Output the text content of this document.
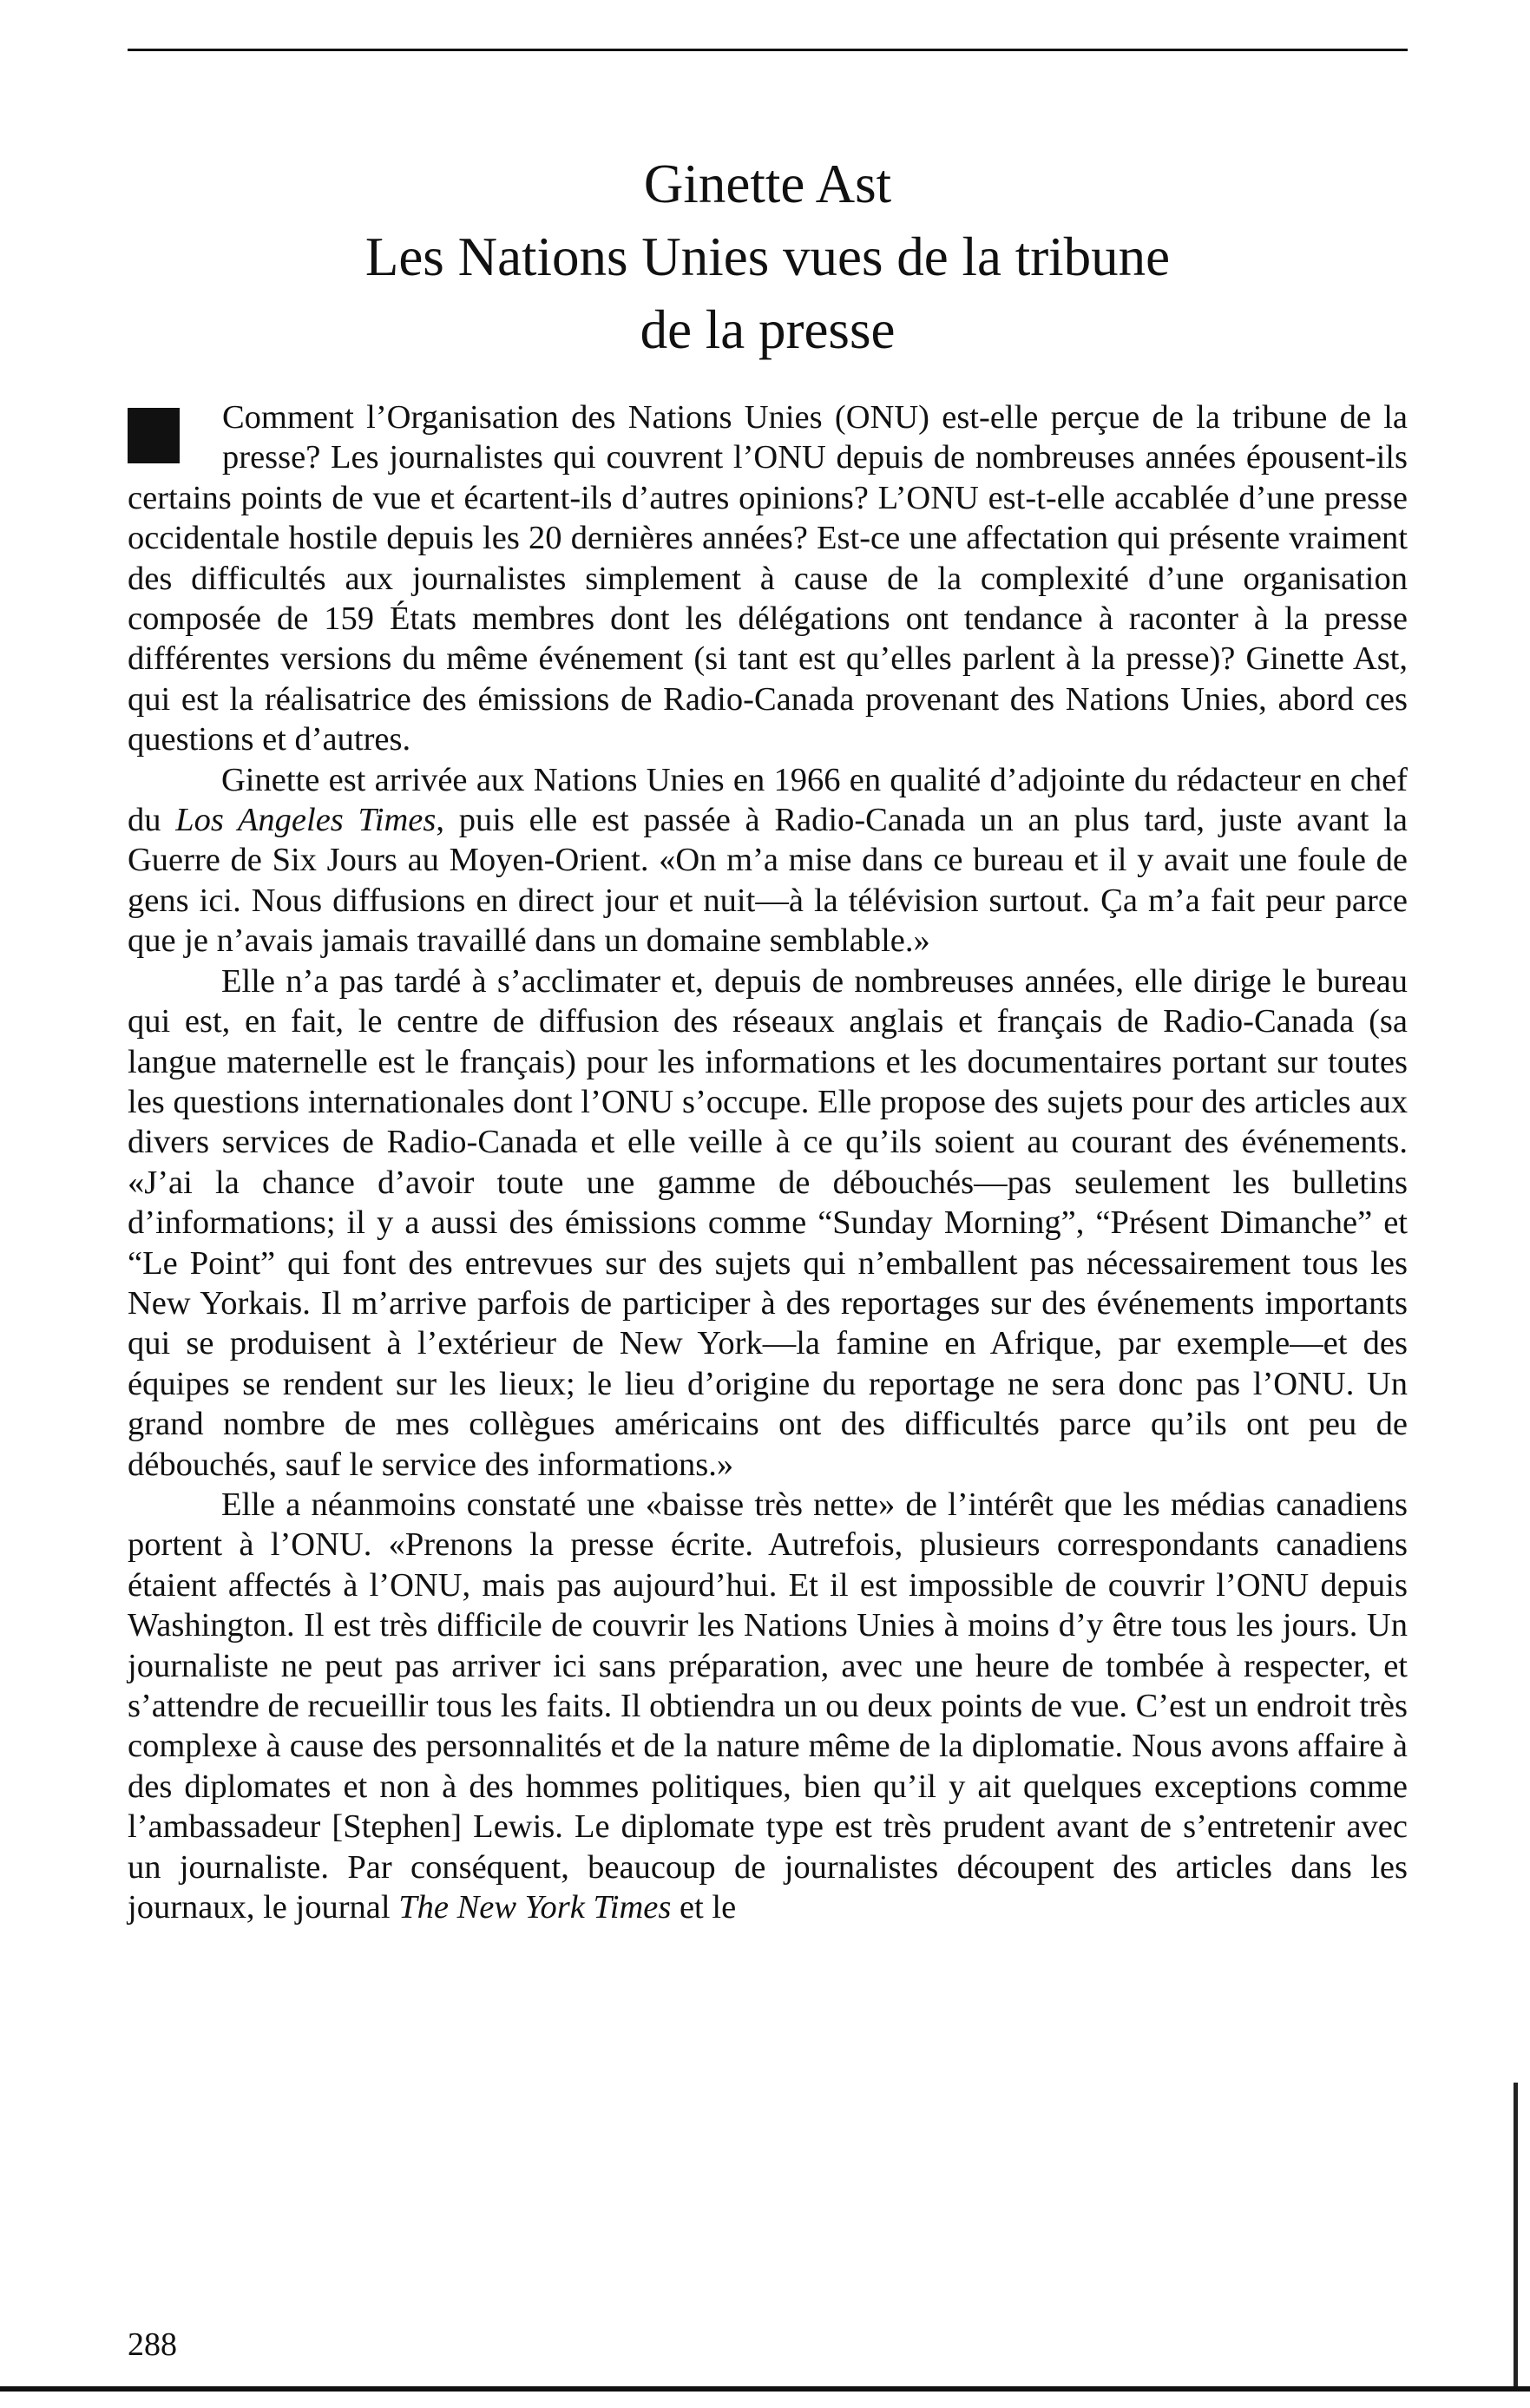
Ginette Ast
Les Nations Unies vues de la tribune
de la presse

Comment l’Organisation des Nations Unies (ONU) est-elle perçue de la tribune de la presse? Les journalistes qui couvrent l’ONU depuis de nombreuses années épousent-ils certains points de vue et écartent-ils d’autres opinions? L’ONU est-t-elle accablée d’une presse occidentale hostile depuis les 20 dernières années? Est-ce une affectation qui présente vraiment des difficultés aux journalistes simplement à cause de la complexité d’une organisation composée de 159 États membres dont les délégations ont tendance à raconter à la presse différentes versions du même événement (si tant est qu’elles parlent à la presse)? Ginette Ast, qui est la réalisatrice des émissions de Radio-Canada provenant des Nations Unies, abord ces questions et d’autres.

Ginette est arrivée aux Nations Unies en 1966 en qualité d’adjointe du rédacteur en chef du Los Angeles Times, puis elle est passée à Radio-Canada un an plus tard, juste avant la Guerre de Six Jours au Moyen-Orient. «On m’a mise dans ce bureau et il y avait une foule de gens ici. Nous diffusions en direct jour et nuit—à la télévision surtout. Ça m’a fait peur parce que je n’avais jamais travaillé dans un domaine semblable.»

Elle n’a pas tardé à s’acclimater et, depuis de nombreuses années, elle dirige le bureau qui est, en fait, le centre de diffusion des réseaux anglais et français de Radio-Canada (sa langue maternelle est le français) pour les informations et les documentaires portant sur toutes les questions internationales dont l’ONU s’occupe. Elle propose des sujets pour des articles aux divers services de Radio-Canada et elle veille à ce qu’ils soient au courant des événements. «J’ai la chance d’avoir toute une gamme de débouchés—pas seulement les bulletins d’informations; il y a aussi des émissions comme “Sunday Morning”, “Présent Dimanche” et “Le Point” qui font des entrevues sur des sujets qui n’emballent pas nécessairement tous les New Yorkais. Il m’arrive parfois de participer à des reportages sur des événements importants qui se produisent à l’extérieur de New York—la famine en Afrique, par exemple—et des équipes se rendent sur les lieux; le lieu d’origine du reportage ne sera donc pas l’ONU. Un grand nombre de mes collègues américains ont des difficultés parce qu’ils ont peu de débouchés, sauf le service des informations.»

Elle a néanmoins constaté une «baisse très nette» de l’intérêt que les médias canadiens portent à l’ONU. «Prenons la presse écrite. Autrefois, plusieurs correspondants canadiens étaient affectés à l’ONU, mais pas aujourd’hui. Et il est impossible de couvrir l’ONU depuis Washington. Il est très difficile de couvrir les Nations Unies à moins d’y être tous les jours. Un journaliste ne peut pas arriver ici sans préparation, avec une heure de tombée à respecter, et s’attendre de recueillir tous les faits. Il obtiendra un ou deux points de vue. C’est un endroit très complexe à cause des personnalités et de la nature même de la diplomatie. Nous avons affaire à des diplomates et non à des hommes politiques, bien qu’il y ait quelques exceptions comme l’ambassadeur [Stephen] Lewis. Le diplomate type est très prudent avant de s’entretenir avec un journaliste. Par conséquent, beaucoup de journalistes découpent des articles dans les journaux, le journal The New York Times et le

288
